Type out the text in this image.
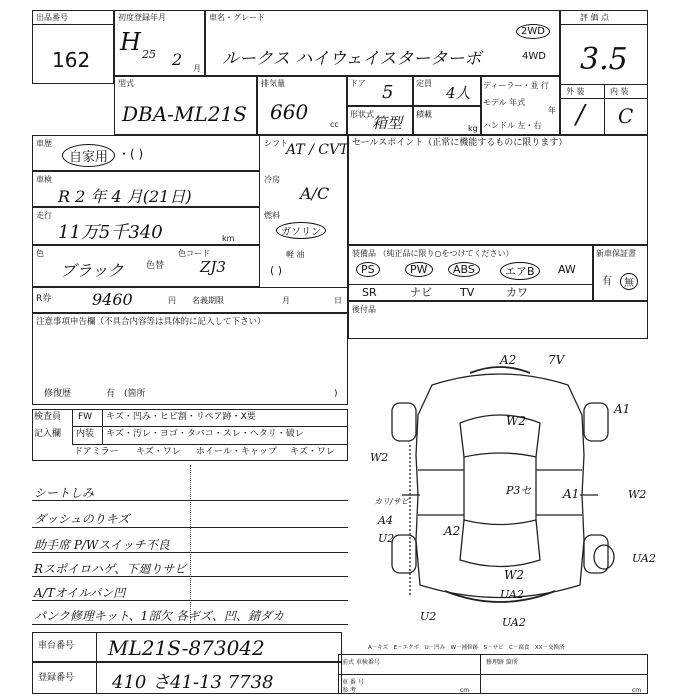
出品番号
162
初度登録年月
H 25 2 月
車名・グレード
ルークス ハイウェイスターターボ
2WD
4WD
評 価 点
3.5
外 装	内 装
/ C
型式
DBA-ML21S
排気量
660
cc
ドア 5	定員
4人
形状式
箱型 積載
kg
ディーラー・並 行
モデル 年式
年
ハンドル 左・右
車歴
自家用 ・( )
シフト
AT / CVT
車検
R 2 年 4 月(21日)
冷房
A/C
走行
11万5千340	km
燃料
ガソリン
色
ブラック 色替
色コード
ZJ3
軽 油
( )
R券	9460	円 名義期限	月	日
セールスポイント（正常に機能するものに限ります）
装備品 （純正品に限り○をつけてください）
PS	PW	ABS	エアB	AW
SR	ナビ	TV	カワ
新車保証書
有	無
後付品
注意事項申告欄（不具合内容等は具体的に記入して下さい）
修復歴	有 (箇所	)
検査員
記入欄
FW キズ・凹み・ヒビ割・リペア跡・X要
内装 キズ・汚レ・ヨゴ・タバコ・スレ・ヘタリ・破レ
ドアミラー キズ・ワレ ホイール・キャップ キズ・ワレ
シートしみ
ダッシュのりキズ
助手席 P/Wスイッチ不良
Rスポイロハゲ、下廻りサビ
A/Tオイルパン凹
パンク修理キット、1部欠 各ギズ、凹、錆ダカ
A2	7V
A1
W2
W2
P3セ	A1	W2
カリ/サビ
A4
U2
A2
UA2
W2
UA2
U2	UA2
車台番号 ML21S-873042
登録番号 410 さ41-13 7738
A－キズ　E－エクボ　U－凹み　W－補修跡　S－サビ　C－腐食　XX－交換済
前式 車検番号	修理跡 箇所
車 番 号
参 考	cm	cm
